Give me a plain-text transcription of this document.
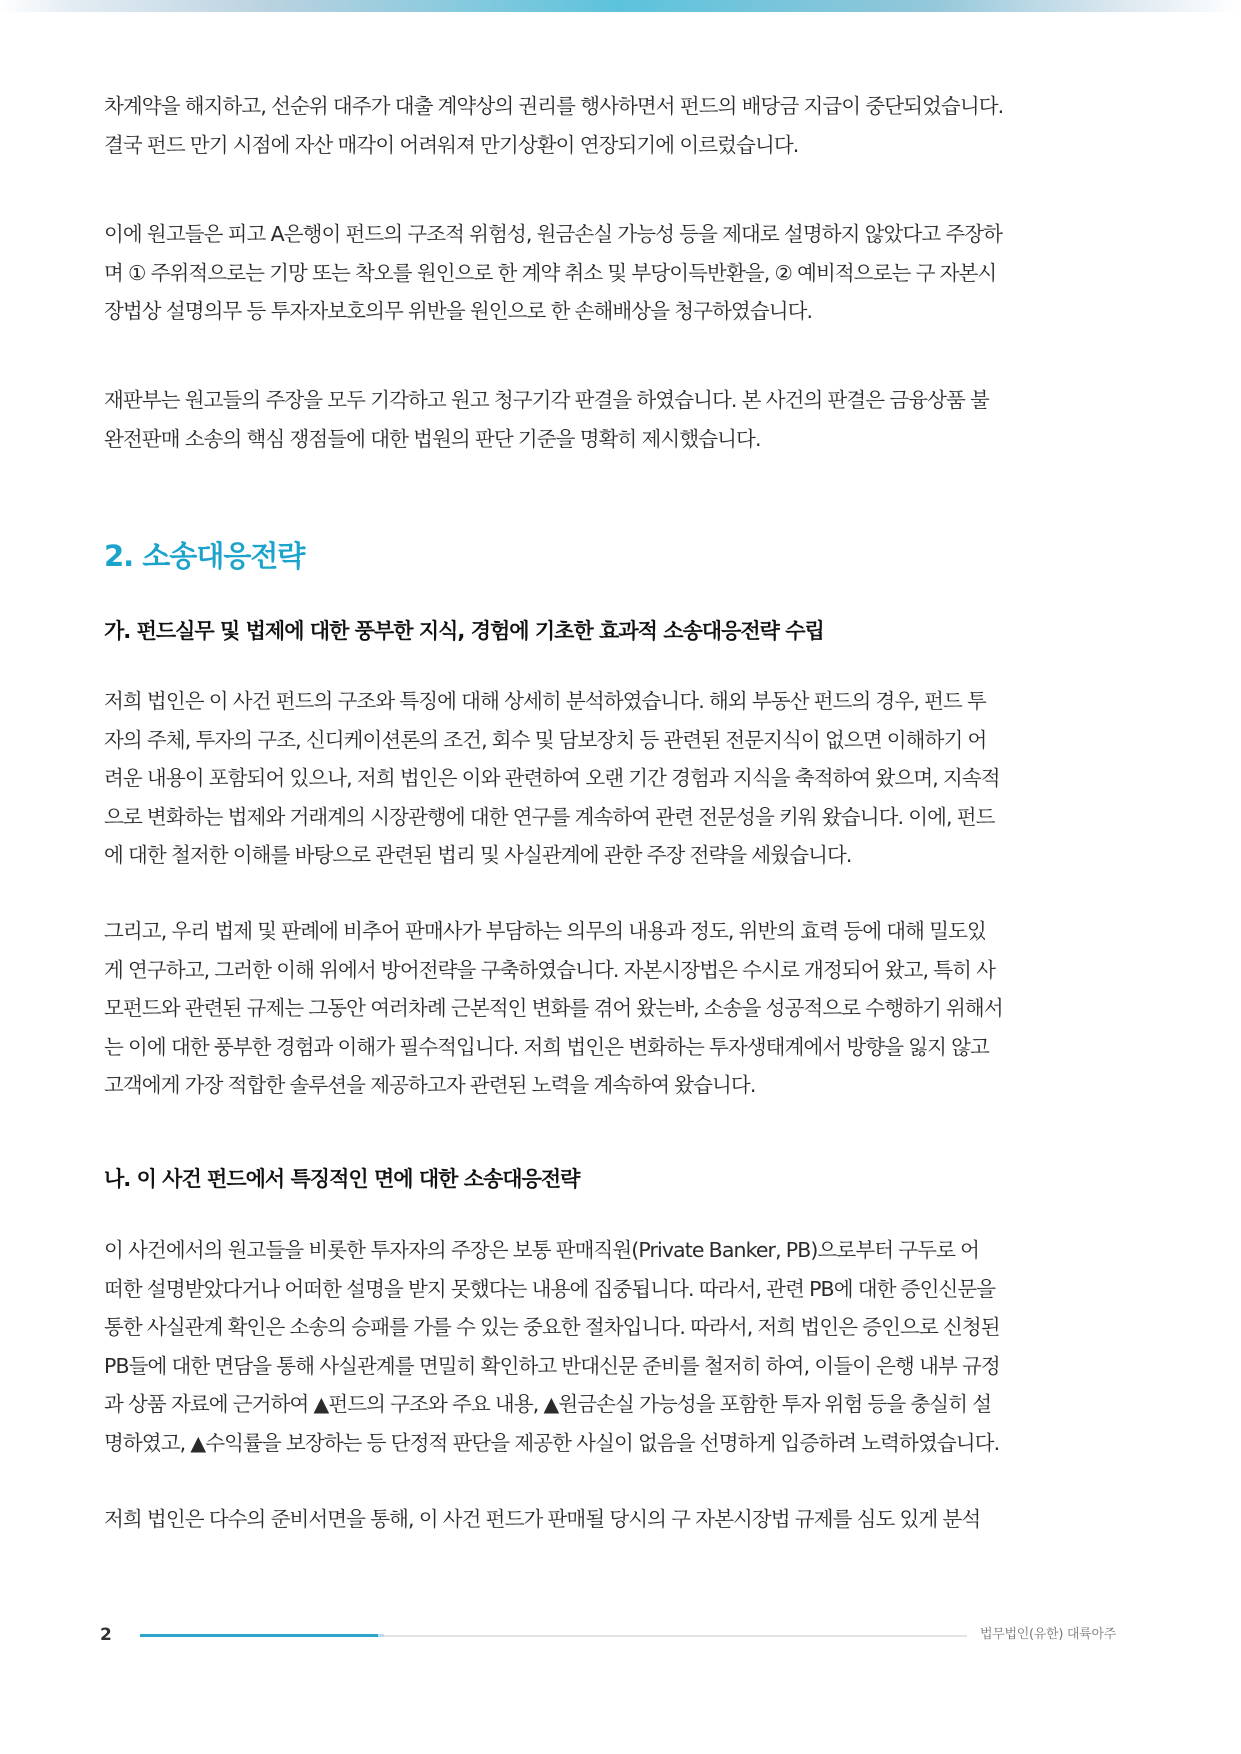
차계약을 해지하고, 선순위 대주가 대출 계약상의 권리를 행사하면서 펀드의 배당금 지급이 중단되었습니다.
결국 펀드 만기 시점에 자산 매각이 어려워져 만기상환이 연장되기에 이르렀습니다.
이에 원고들은 피고 A은행이 펀드의 구조적 위험성, 원금손실 가능성 등을 제대로 설명하지 않았다고 주장하
며 ① 주위적으로는 기망 또는 착오를 원인으로 한 계약 취소 및 부당이득반환을, ② 예비적으로는 구 자본시
장법상 설명의무 등 투자자보호의무 위반을 원인으로 한 손해배상을 청구하였습니다.
재판부는 원고들의 주장을 모두 기각하고 원고 청구기각 판결을 하였습니다. 본 사건의 판결은 금융상품 불
완전판매 소송의 핵심 쟁점들에 대한 법원의 판단 기준을 명확히 제시했습니다.
2. 소송대응전략
가. 펀드실무 및 법제에 대한 풍부한 지식, 경험에 기초한 효과적 소송대응전략 수립
저희 법인은 이 사건 펀드의 구조와 특징에 대해 상세히 분석하였습니다. 해외 부동산 펀드의 경우, 펀드 투
자의 주체, 투자의 구조, 신디케이션론의 조건, 회수 및 담보장치 등 관련된 전문지식이 없으면 이해하기 어
려운 내용이 포함되어 있으나, 저희 법인은 이와 관련하여 오랜 기간 경험과 지식을 축적하여 왔으며, 지속적
으로 변화하는 법제와 거래계의 시장관행에 대한 연구를 계속하여 관련 전문성을 키워 왔습니다. 이에, 펀드
에 대한 철저한 이해를 바탕으로 관련된 법리 및 사실관계에 관한 주장 전략을 세웠습니다.
그리고, 우리 법제 및 판례에 비추어 판매사가 부담하는 의무의 내용과 정도, 위반의 효력 등에 대해 밀도있
게 연구하고, 그러한 이해 위에서 방어전략을 구축하였습니다. 자본시장법은 수시로 개정되어 왔고, 특히 사
모펀드와 관련된 규제는 그동안 여러차례 근본적인 변화를 겪어 왔는바, 소송을 성공적으로 수행하기 위해서
는 이에 대한 풍부한 경험과 이해가 필수적입니다. 저희 법인은 변화하는 투자생태계에서 방향을 잃지 않고
고객에게 가장 적합한 솔루션을 제공하고자 관련된 노력을 계속하여 왔습니다.
나. 이 사건 펀드에서 특징적인 면에 대한 소송대응전략
이 사건에서의 원고들을 비롯한 투자자의 주장은 보통 판매직원(Private Banker, PB)으로부터 구두로 어
떠한 설명받았다거나 어떠한 설명을 받지 못했다는 내용에 집중됩니다. 따라서, 관련 PB에 대한 증인신문을
통한 사실관계 확인은 소송의 승패를 가를 수 있는 중요한 절차입니다. 따라서, 저희 법인은 증인으로 신청된
PB들에 대한 면담을 통해 사실관계를 면밀히 확인하고 반대신문 준비를 철저히 하여, 이들이 은행 내부 규정
과 상품 자료에 근거하여 ▲펀드의 구조와 주요 내용, ▲원금손실 가능성을 포함한 투자 위험 등을 충실히 설
명하였고, ▲수익률을 보장하는 등 단정적 판단을 제공한 사실이 없음을 선명하게 입증하려 노력하였습니다.
저희 법인은 다수의 준비서면을 통해, 이 사건 펀드가 판매될 당시의 구 자본시장법 규제를 심도 있게 분석
2	법무법인(유한) 대륙아주
